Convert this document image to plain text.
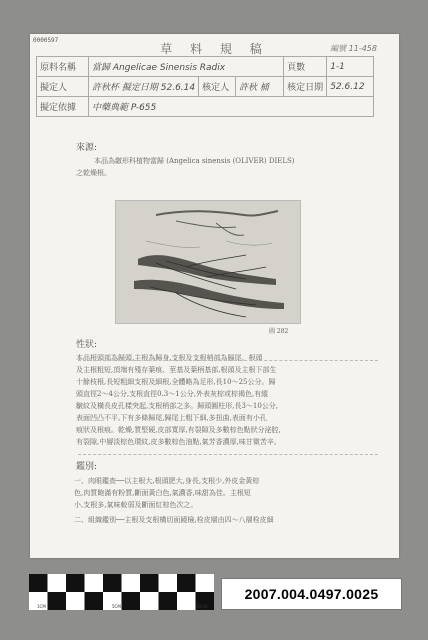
0000597
草 料 規 稿	編號 11-458
原料名稱	當歸 Angelicae Sinensis Radix			頁數	1-1
擬定人	許秋杯 擬定日期 52.6.14	核定人	許秋 桶	核定日期	52.6.12
擬定依據	中藥典範 P-655				
來源:
本品為繖形科植物當歸 (Angelica sinensis (OLIVER) DIELS)
之乾燥根。
圖 282
性狀:
本品根頭部為歸頭,主根為歸身,支根及支根梢部為歸尾。根頭
及主根粗短,頂端有殘存葉痕、莖基及葉柄基部,根頭及主根下部生
十餘枝根,長短粗細支根及細根,全體略為足形,長10～25公分。歸
頭直徑2～4公分,支根直徑0.3～1公分,外表灰棕或棕褐色,有縱
皺紋及橫長皮孔樣突起,支根梢部之多。歸頭圓柱形,長3～10公分,
表面凹凸不平,下有多條歸尾,歸尾上粗下細,多扭曲,表面有小孔
痕狀及根痕。乾燥,質堅硬,皮部寬厚,有裂隙及多數棕色點狀分泌腔,
有裂隙,中層淡棕色環紋,皮多數棕色油點,氣芳香濃厚,味甘微苦辛。
鑑別:
一、肉眼鑑查──以主根大,根頭肥大,身長,支根少,外皮金黃棕
色,肉質飽滿有粉質,斷面黃白色,氣濃香,味甜為佳。主根短
小,支根多,氣味較弱及斷面紅棕色次之。
二、組織鑑別──主根及支根橫切面鏡檢,栓皮層由四～八層栓皮細
1CM	5CM	10CM
2007.004.0497.0025
